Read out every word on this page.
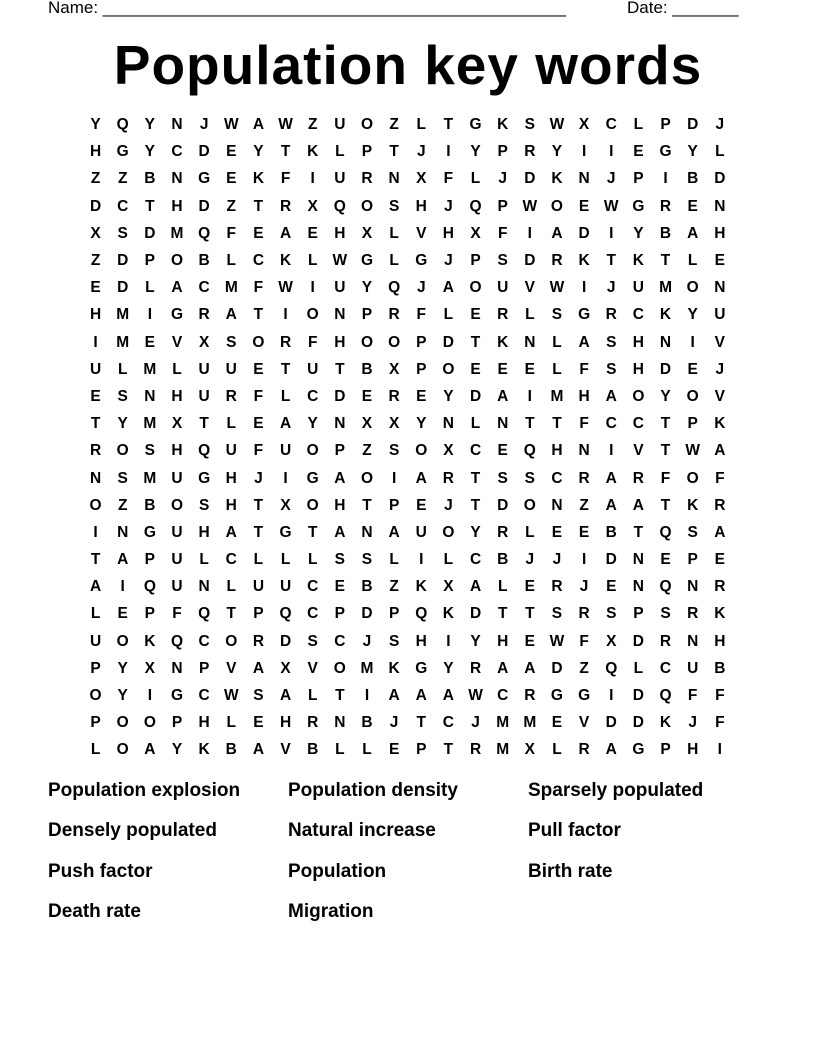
Name: _________________________________________________

	Date: _______

Population key words
Y	Q	Y	N	J	W A W Z	U	O	Z	L	T	G	K	S W X	C	L	P	D	J
H	G	Y	C	D	E	Y	T	K	L	P	T	J	I	Y	P	R	Y	I	I	E	G	Y	L
Z	Z	B	N	G	E	K	F	I	U	R	N	X	F	L	J	D	K	N	J	P	I	B	D
D	C	T	H	D	Z	T	R	X	Q O	S	H	J	Q	P W O	E W G	R	E	N
X	S	D M Q	F	E	A	E	H	X	L	V	H	X	F	I	A	D	I	Y	B	A	H
Z	D	P	O	B	L	C	K	L W G	L	G	J	P	S	D	R	K	T	K	T	L	E
E	D	L	A	C M	F W	I	U	Y	Q	J	A	O	U	V W	I	J	U M O	N
H M	I	G	R	A	T	I	O	N	P	R	F	L	E	R	L	S	G	R	C	K	Y	U
I	M	E	V	X	S	O	R	F	H	O O	P	D	T	K	N	L	A	S	H	N	I	V
U	L	M	L	U	U	E	T	U	T	B	X	P	O	E	E	E	L	F	S	H	D	E	J
E	S	N	H	U	R	F	L	C	D	E	R	E	Y	D	A	I	M H	A	O	Y	O	V
T	Y	M	X	T	L	E	A	Y	N	X	X	Y	N	L	N	T	T	F	C	C	T	P	K
R	O	S	H	Q	U	F	U	O	P	Z	S	O	X	C	E	Q	H	N	I	V	T W A
N	S	M U	G	H	J	I	G	A	O	I	A	R	T	S	S	C	R	A	R	F	O	F
O	Z	B	O	S	H	T	X	O	H	T	P	E	J	T	D	O	N	Z	A	A	T	K	R
I	N	G	U	H	A	T	G	T	A	N	A	U	O	Y	R	L	E	E	B	T	Q	S	A
T	A	P	U	L	C	L	L	L	S	S	L	I	L	C	B	J	J	I	D	N	E	P	E
A	I	Q	U	N	L	U	U	C	E	B	Z	K	X	A	L	E	R	J	E	N	Q	N	R
L	E	P	F	Q	T	P	Q	C	P	D	P	Q	K	D	T	T	S	R	S	P	S	R	K
U	O	K	Q	C	O	R	D	S	C	J	S	H	I	Y	H	E W F	X	D	R	N	H
P	Y	X	N	P	V	A	X	V	O M K	G	Y	R	A	A	D	Z	Q	L	C	U	B
O	Y	I	G	C W S	A	L	T	I	A	A	A W C	R	G G	I	D	Q	F	F
P	O O	P	H	L	E	H	R	N	B	J	T	C	J	M M	E	V	D	D	K	J	F
L	O	A	Y	K	B	A	V	B	L	L	E	P	T	R M	X	L	R	A	G	P	H	I
Population explosion	Population density	Sparsely populated
Densely populated	Natural increase	Pull factor
Push factor	Population	Birth rate
Death rate	Migration
